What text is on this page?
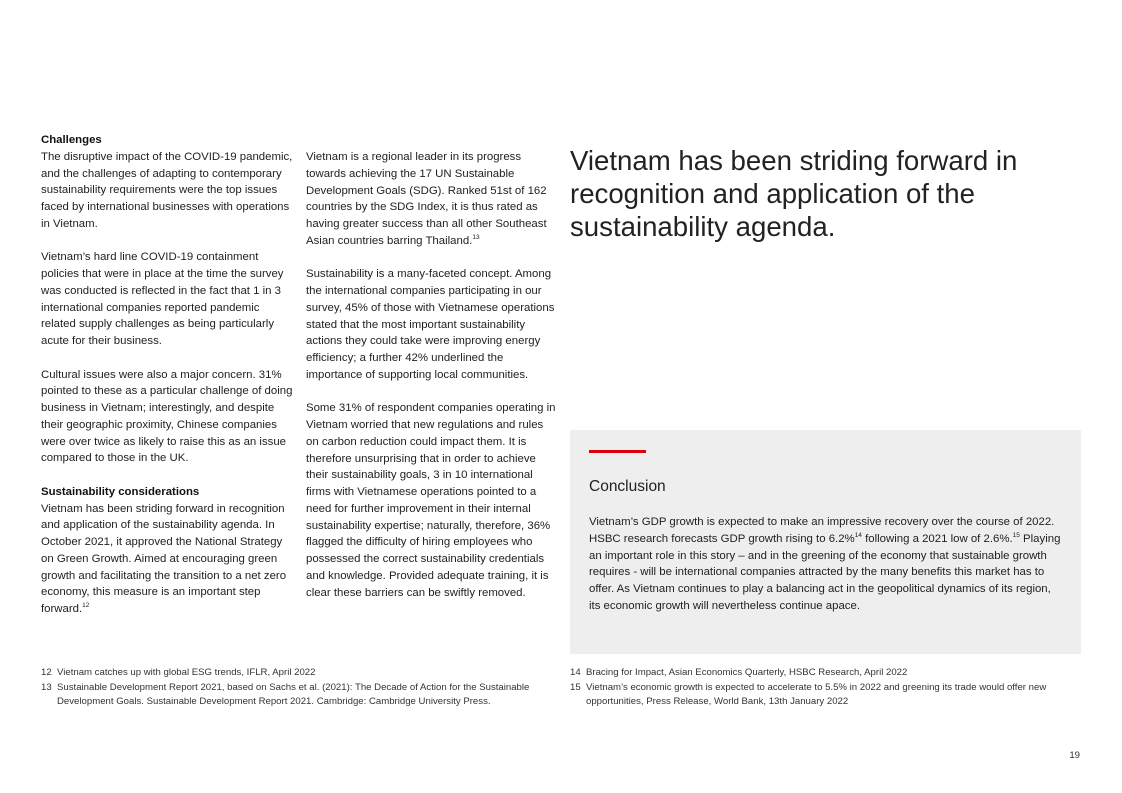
Challenges

The disruptive impact of the COVID-19 pandemic, and the challenges of adapting to contemporary sustainability requirements were the top issues faced by international businesses with operations in Vietnam.

Vietnam’s hard line COVID-19 containment policies that were in place at the time the survey was conducted is reflected in the fact that 1 in 3 international companies reported pandemic related supply challenges as being particularly acute for their business.

Cultural issues were also a major concern. 31% pointed to these as a particular challenge of doing business in Vietnam; interestingly, and despite their geographic proximity, Chinese companies were over twice as likely to raise this as an issue compared to those in the UK.

Sustainability considerations

Vietnam has been striding forward in recognition and application of the sustainability agenda. In October 2021, it approved the National Strategy on Green Growth. Aimed at encouraging green growth and facilitating the transition to a net zero economy, this measure is an important step forward.$^{12}$

Vietnam is a regional leader in its progress towards achieving the 17 UN Sustainable Development Goals (SDG). Ranked 51st of 162 countries by the SDG Index, it is thus rated as having greater success than all other Southeast Asian countries barring Thailand.$^{13}$

Sustainability is a many-faceted concept. Among the international companies participating in our survey, 45% of those with Vietnamese operations stated that the most important sustainability actions they could take were improving energy efficiency; a further 42% underlined the importance of supporting local communities.

Some 31% of respondent companies operating in Vietnam worried that new regulations and rules on carbon reduction could impact them. It is therefore unsurprising that in order to achieve their sustainability goals, 3 in 10 international firms with Vietnamese operations pointed to a need for further improvement in their internal sustainability expertise; naturally, therefore, 36% flagged the difficulty of hiring employees who possessed the correct sustainability credentials and knowledge. Provided adequate training, it is clear these barriers can be swiftly removed.

Vietnam has been striding forward in recognition and application of the sustainability agenda.
Conclusion

Vietnam’s GDP growth is expected to make an impressive recovery over the course of 2022. HSBC research forecasts GDP growth rising to 6.2%$^{14}$ following a 2021 low of 2.6%.$^{15}$ Playing an important role in this story – and in the greening of the economy that sustainable growth requires - will be international companies attracted by the many benefits this market has to offer. As Vietnam continues to play a balancing act in the geopolitical dynamics of its region, its economic growth will nevertheless continue apace.

12 Vietnam catches up with global ESG trends, IFLR, April 2022
13 Sustainable Development Report 2021, based on Sachs et al. (2021): The Decade of Action for the Sustainable Development Goals. Sustainable Development Report 2021. Cambridge: Cambridge University Press.
14 Bracing for Impact, Asian Economics Quarterly, HSBC Research, April 2022
15 Vietnam’s economic growth is expected to accelerate to 5.5% in 2022 and greening its trade would offer new opportunities, Press Release, World Bank, 13th January 2022
19
